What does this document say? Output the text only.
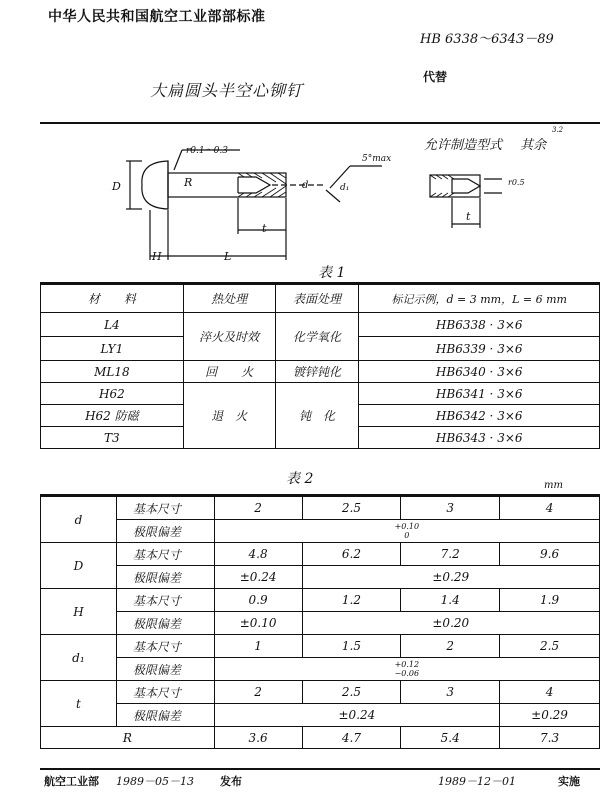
中华人民共和国航空工业部部标准
HB 6338～6343－89
大扁圆头半空心铆钉
代替
r0.1～0.3
5°max
允许制造型式 其余
3.2
D	R	d	d₁
t
H	L
t
r0.5
表 1
材　　料	热处理	表面处理	标记示例，d = 3 mm，L = 6 mm
L4	淬火及时效	化学氧化	HB6338 · 3×6
LY1			HB6339 · 3×6
ML18	回　　火	镀锌钝化	HB6340 · 3×6
H62	退　火	钝　化	HB6341 · 3×6
H62 防磁			HB6342 · 3×6
T3			HB6343 · 3×6
表 2	mm
d	基本尺寸	2	2.5	3	4
	极限偏差	+0.10
0			
D	基本尺寸	4.8	6.2	7.2	9.6
	极限偏差	±0.24	±0.29		
H	基本尺寸	0.9	1.2	1.4	1.9
	极限偏差	±0.10	±0.20		
d₁	基本尺寸	1	1.5	2	2.5
	极限偏差	+0.12
−0.06			
t	基本尺寸	2	2.5	3	4
	极限偏差	±0.24			±0.29
R		3.6	4.7	5.4	7.3
航空工业部 1989－05－13 发布	1989－12－01	实施
